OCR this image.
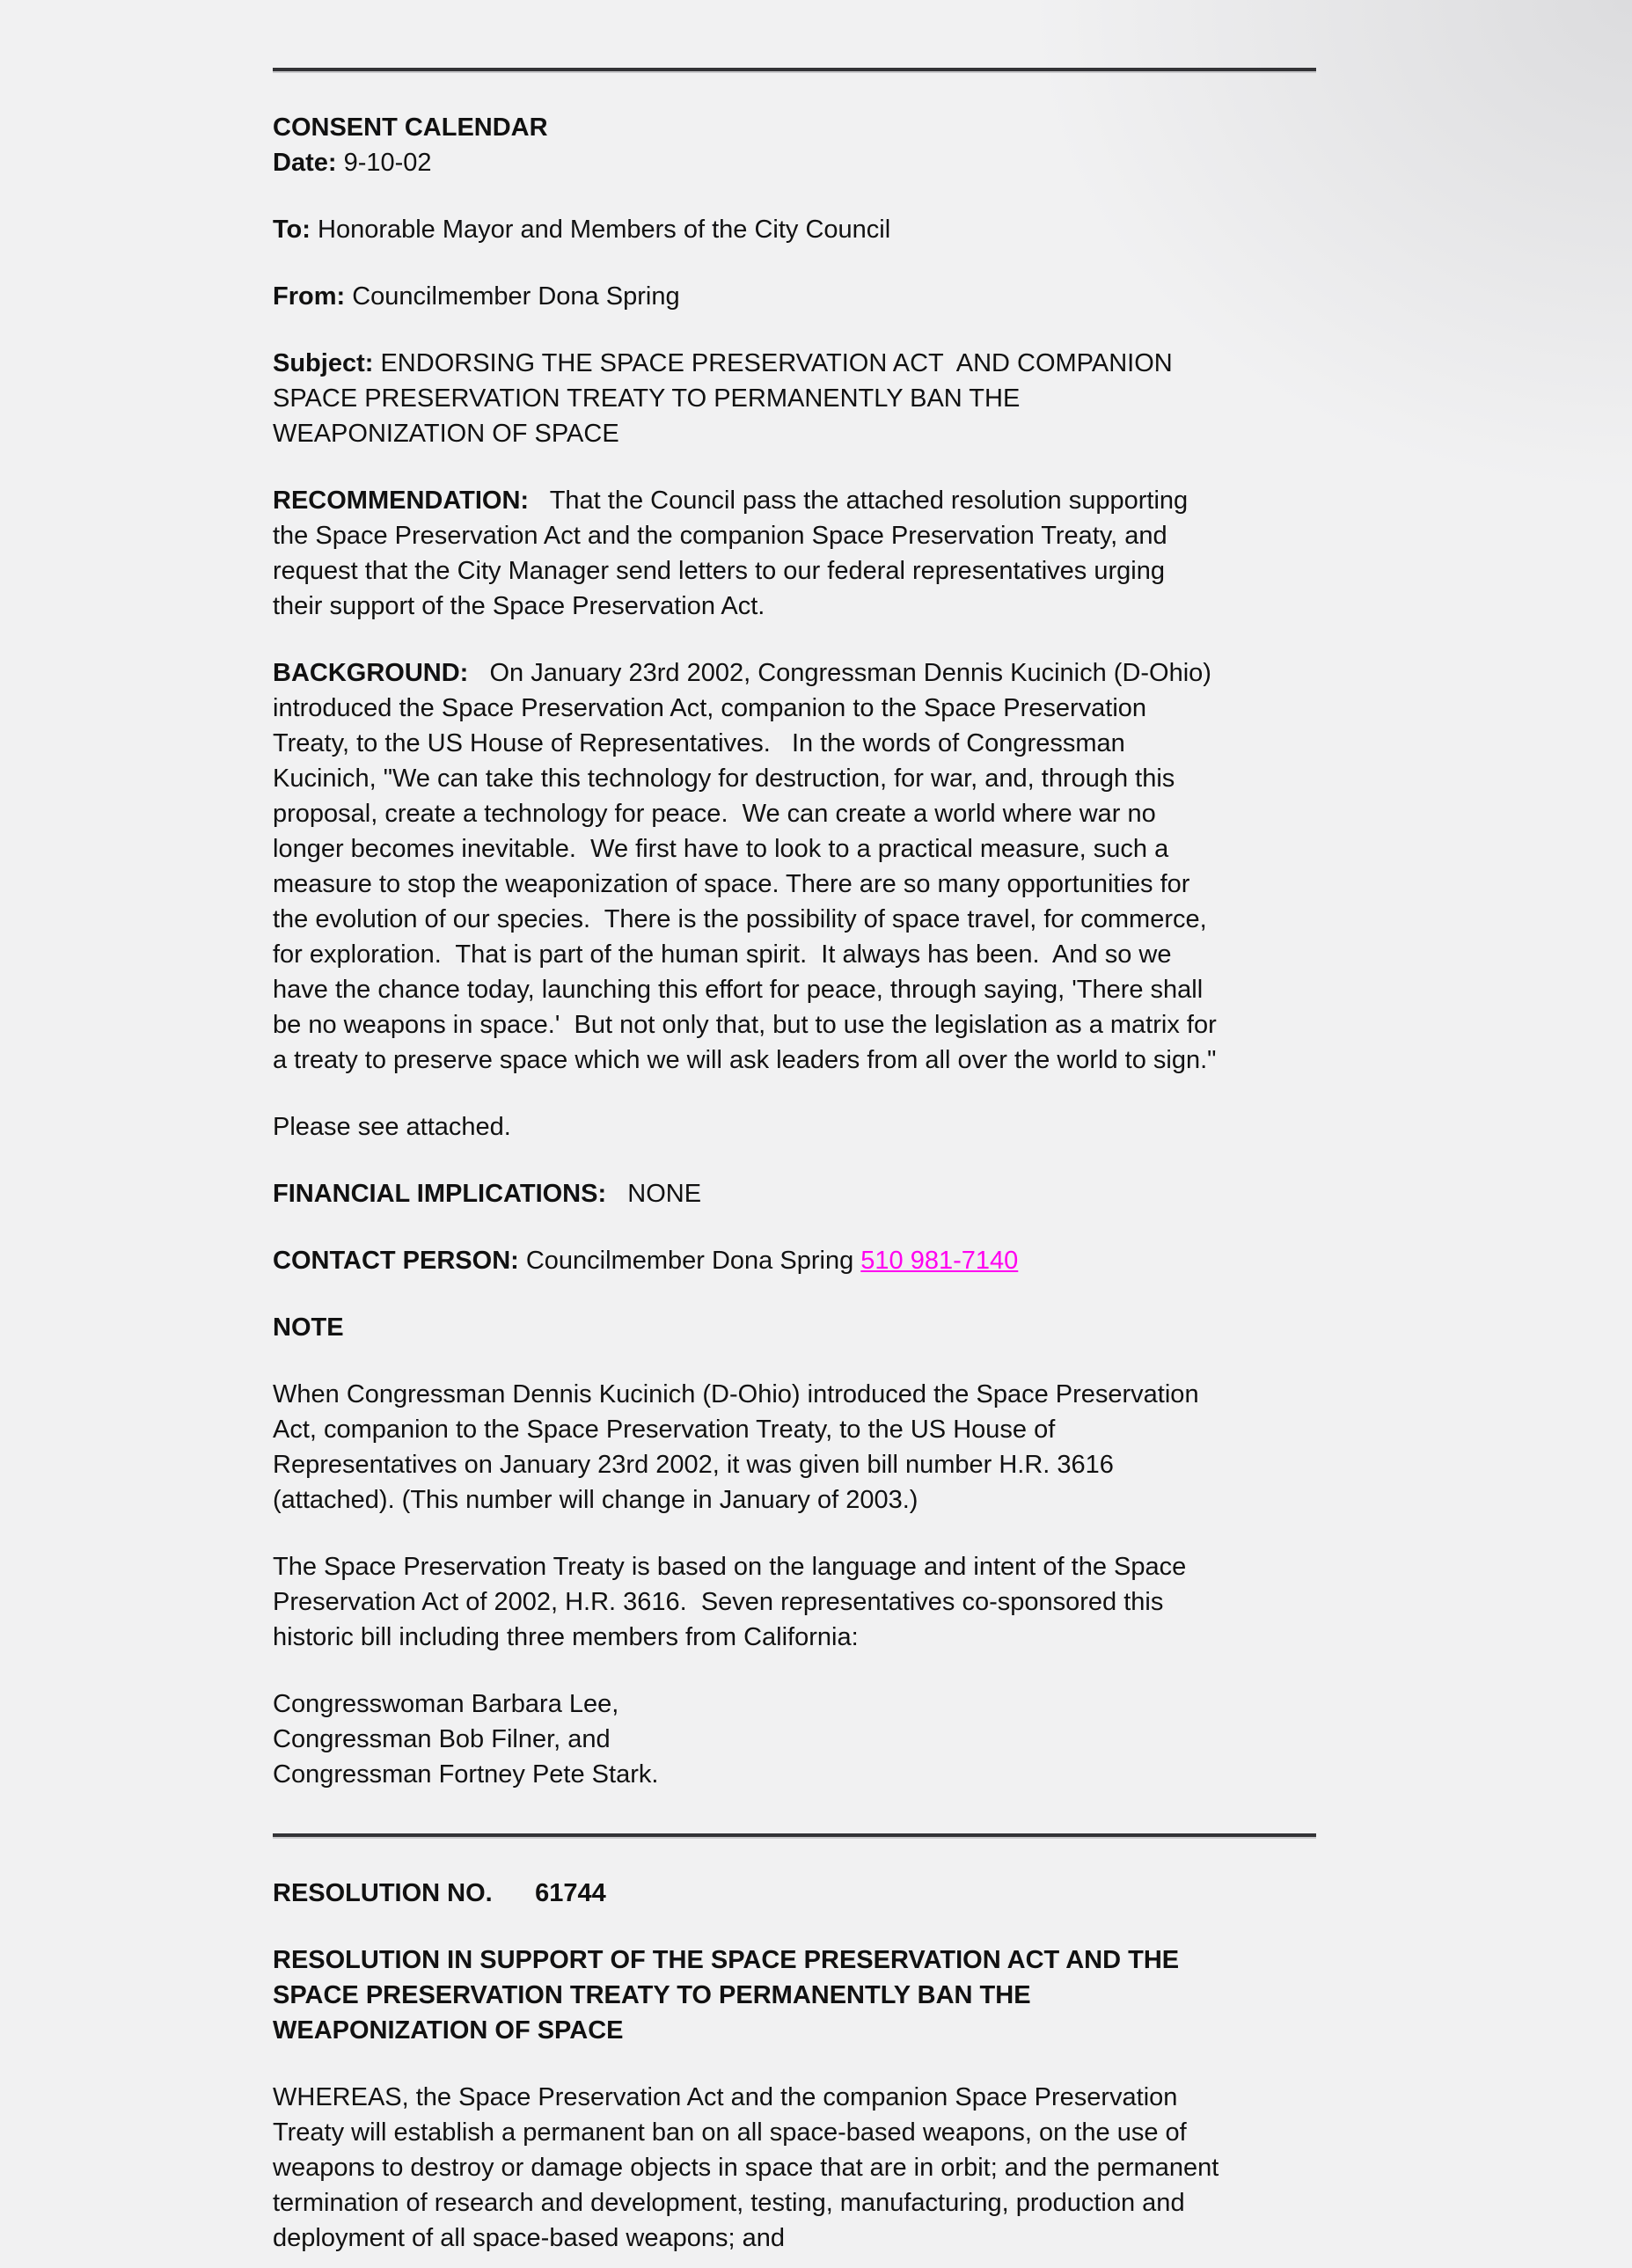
CONSENT CALENDAR
Date: 9-10-02
To: Honorable Mayor and Members of the City Council
From: Councilmember Dona Spring
Subject: ENDORSING THE SPACE PRESERVATION ACT  AND COMPANION
SPACE PRESERVATION TREATY TO PERMANENTLY BAN THE
WEAPONIZATION OF SPACE
RECOMMENDATION:   That the Council pass the attached resolution supporting
the Space Preservation Act and the companion Space Preservation Treaty, and
request that the City Manager send letters to our federal representatives urging
their support of the Space Preservation Act.
BACKGROUND:   On January 23rd 2002, Congressman Dennis Kucinich (D-Ohio)
introduced the Space Preservation Act, companion to the Space Preservation
Treaty, to the US House of Representatives.   In the words of Congressman
Kucinich, "We can take this technology for destruction, for war, and, through this
proposal, create a technology for peace.  We can create a world where war no
longer becomes inevitable.  We first have to look to a practical measure, such a
measure to stop the weaponization of space. There are so many opportunities for
the evolution of our species.  There is the possibility of space travel, for commerce,
for exploration.  That is part of the human spirit.  It always has been.  And so we
have the chance today, launching this effort for peace, through saying, 'There shall
be no weapons in space.'  But not only that, but to use the legislation as a matrix for
a treaty to preserve space which we will ask leaders from all over the world to sign."
Please see attached.
FINANCIAL IMPLICATIONS:   NONE
CONTACT PERSON: Councilmember Dona Spring 510 981-7140
NOTE
When Congressman Dennis Kucinich (D-Ohio) introduced the Space Preservation
Act, companion to the Space Preservation Treaty, to the US House of
Representatives on January 23rd 2002, it was given bill number H.R. 3616
(attached). (This number will change in January of 2003.)
The Space Preservation Treaty is based on the language and intent of the Space
Preservation Act of 2002, H.R. 3616.  Seven representatives co-sponsored this
historic bill including three members from California:
Congresswoman Barbara Lee,
Congressman Bob Filner, and
Congressman Fortney Pete Stark.
RESOLUTION NO.      61744
RESOLUTION IN SUPPORT OF THE SPACE PRESERVATION ACT AND THE
SPACE PRESERVATION TREATY TO PERMANENTLY BAN THE
WEAPONIZATION OF SPACE
WHEREAS, the Space Preservation Act and the companion Space Preservation
Treaty will establish a permanent ban on all space-based weapons, on the use of
weapons to destroy or damage objects in space that are in orbit; and the permanent
termination of research and development, testing, manufacturing, production and
deployment of all space-based weapons; and
